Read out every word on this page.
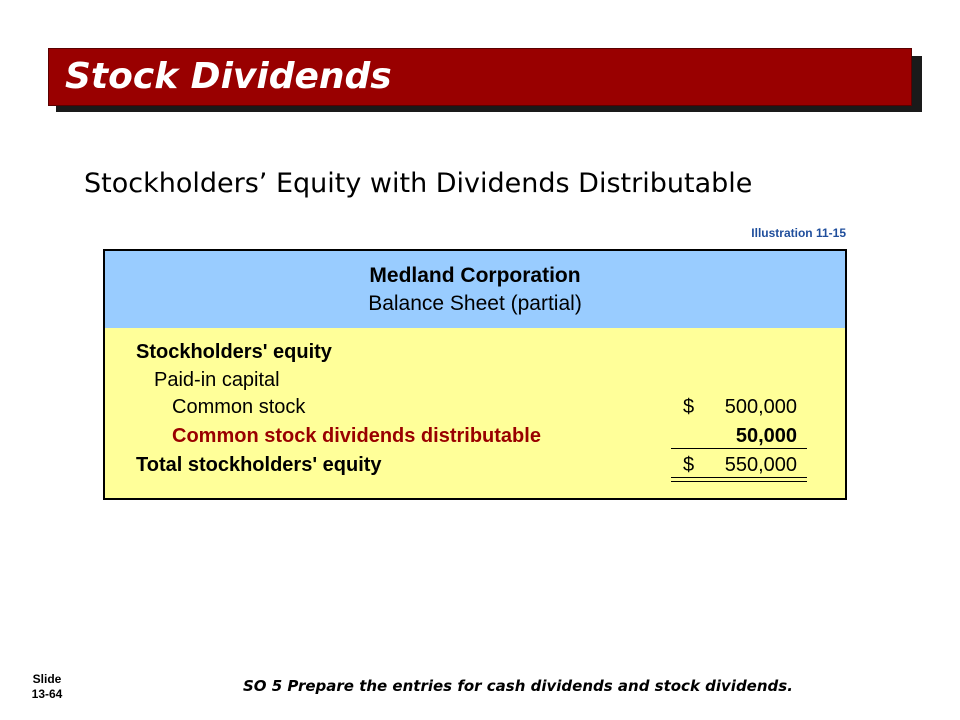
Stock Dividends
Stockholders’ Equity with Dividends Distributable
Illustration 11-15
Medland Corporation
Balance Sheet (partial)
Stockholders' equity
Paid-in capital
Common stock	$	500,000
Common stock dividends distributable	50,000
Total stockholders' equity	$	550,000
Slide
13-64	SO 5 Prepare the entries for cash dividends and stock dividends.
